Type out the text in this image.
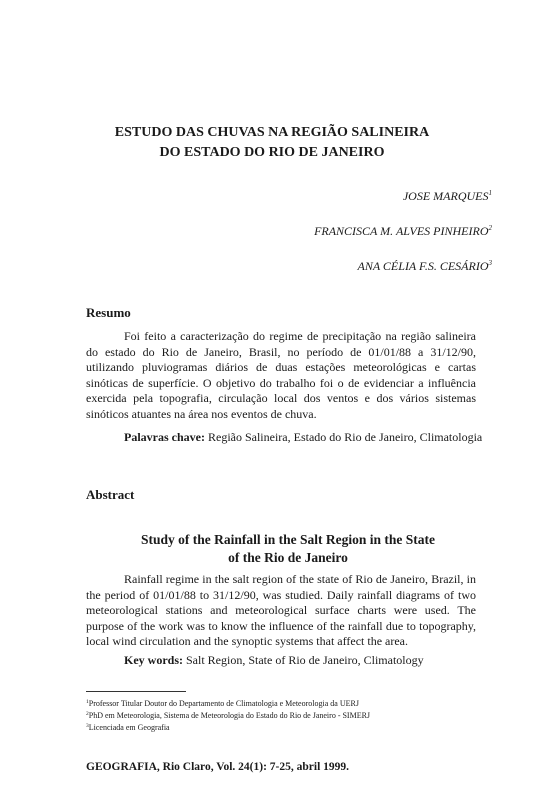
ESTUDO DAS CHUVAS NA REGIÃO SALINEIRA
DO ESTADO DO RIO DE JANEIRO
JOSE MARQUES$^1$
FRANCISCA M. ALVES PINHEIRO$^2$
ANA CÉLIA F.S. CESÁRIO$^3$
Resumo

Foi feito a caracterização do regime de precipitação na região salineira do estado do Rio de Janeiro, Brasil, no período de 01/01/88 a 31/12/90, utilizando pluviogramas diários de duas estações meteorológicas e cartas sinóticas de superfície. O objetivo do trabalho foi o de evidenciar a influência exercida pela topografia, circulação local dos ventos e dos vários sistemas sinóticos atuantes na área nos eventos de chuva.

Palavras chave: Região Salineira, Estado do Rio de Janeiro, Climatologia
Abstract
Study of the Rainfall in the Salt Region in the State
of the Rio de Janeiro

Rainfall regime in the salt region of the state of Rio de Janeiro, Brazil, in the period of 01/01/88 to 31/12/90, was studied. Daily rainfall diagrams of two meteorological stations and meteorological surface charts were used. The purpose of the work was to know the influence of the rainfall due to topography, local wind circulation and the synoptic systems that affect the area.

Key words: Salt Region, State of Rio de Janeiro, Climatology
$^1$Professor Titular Doutor do Departamento de Climatologia e Meteorologia da UERJ
$^2$PhD em Meteorologia, Sistema de Meteorologia do Estado do Rio de Janeiro - SIMERJ
$^3$Licenciada em Geografia
GEOGRAFIA, Rio Claro, Vol. 24(1): 7-25, abril 1999.
